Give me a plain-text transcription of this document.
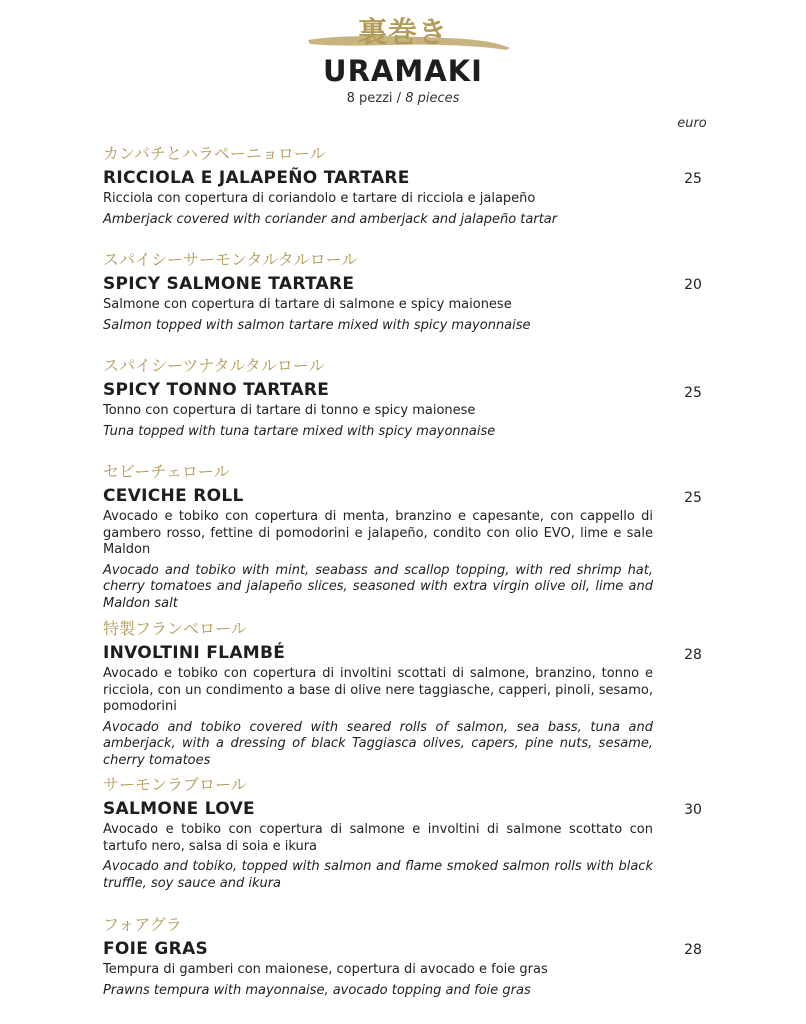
裏巻き
URAMAKI
8 pezzi / 8 pieces
euro
カンパチとハラペーニョロール
RICCIOLA E JALAPEÑO TARTARE	25
Ricciola con copertura di coriandolo e tartare di ricciola e jalapeño
Amberjack covered with coriander and amberjack and jalapeño tartar
スパイシーサーモンタルタルロール
SPICY SALMONE TARTARE	20
Salmone con copertura di tartare di salmone e spicy maionese
Salmon topped with salmon tartare mixed with spicy mayonnaise
スパイシーツナタルタルロール
SPICY TONNO TARTARE	25
Tonno con copertura di tartare di tonno e spicy maionese
Tuna topped with tuna tartare mixed with spicy mayonnaise
セビーチェロール
CEVICHE ROLL	25
Avocado e tobiko con copertura di menta, branzino e capesante, con cappello di gambero rosso, fettine di pomodorini e jalapeño, condito con olio EVO, lime e sale Maldon
Avocado and tobiko with mint, seabass and scallop topping, with red shrimp hat, cherry tomatoes and jalapeño slices, seasoned with extra virgin olive oil, lime and Maldon salt
特製フランベロール
INVOLTINI FLAMBÉ	28
Avocado e tobiko con copertura di involtini scottati di salmone, branzino, tonno e ricciola, con un condimento a base di olive nere taggiasche, capperi, pinoli, sesamo, pomodorini
Avocado and tobiko covered with seared rolls of salmon, sea bass, tuna and amberjack, with a dressing of black Taggiasca olives, capers, pine nuts, sesame, cherry tomatoes
サーモンラブロール
SALMONE LOVE	30
Avocado e tobiko con copertura di salmone e involtini di salmone scottato con tartufo nero, salsa di soia e ikura
Avocado and tobiko, topped with salmon and flame smoked salmon rolls with black truffle, soy sauce and ikura
フォアグラ
FOIE GRAS	28
Tempura di gamberi con maionese, copertura di avocado e foie gras
Prawns tempura with mayonnaise, avocado topping and foie gras
